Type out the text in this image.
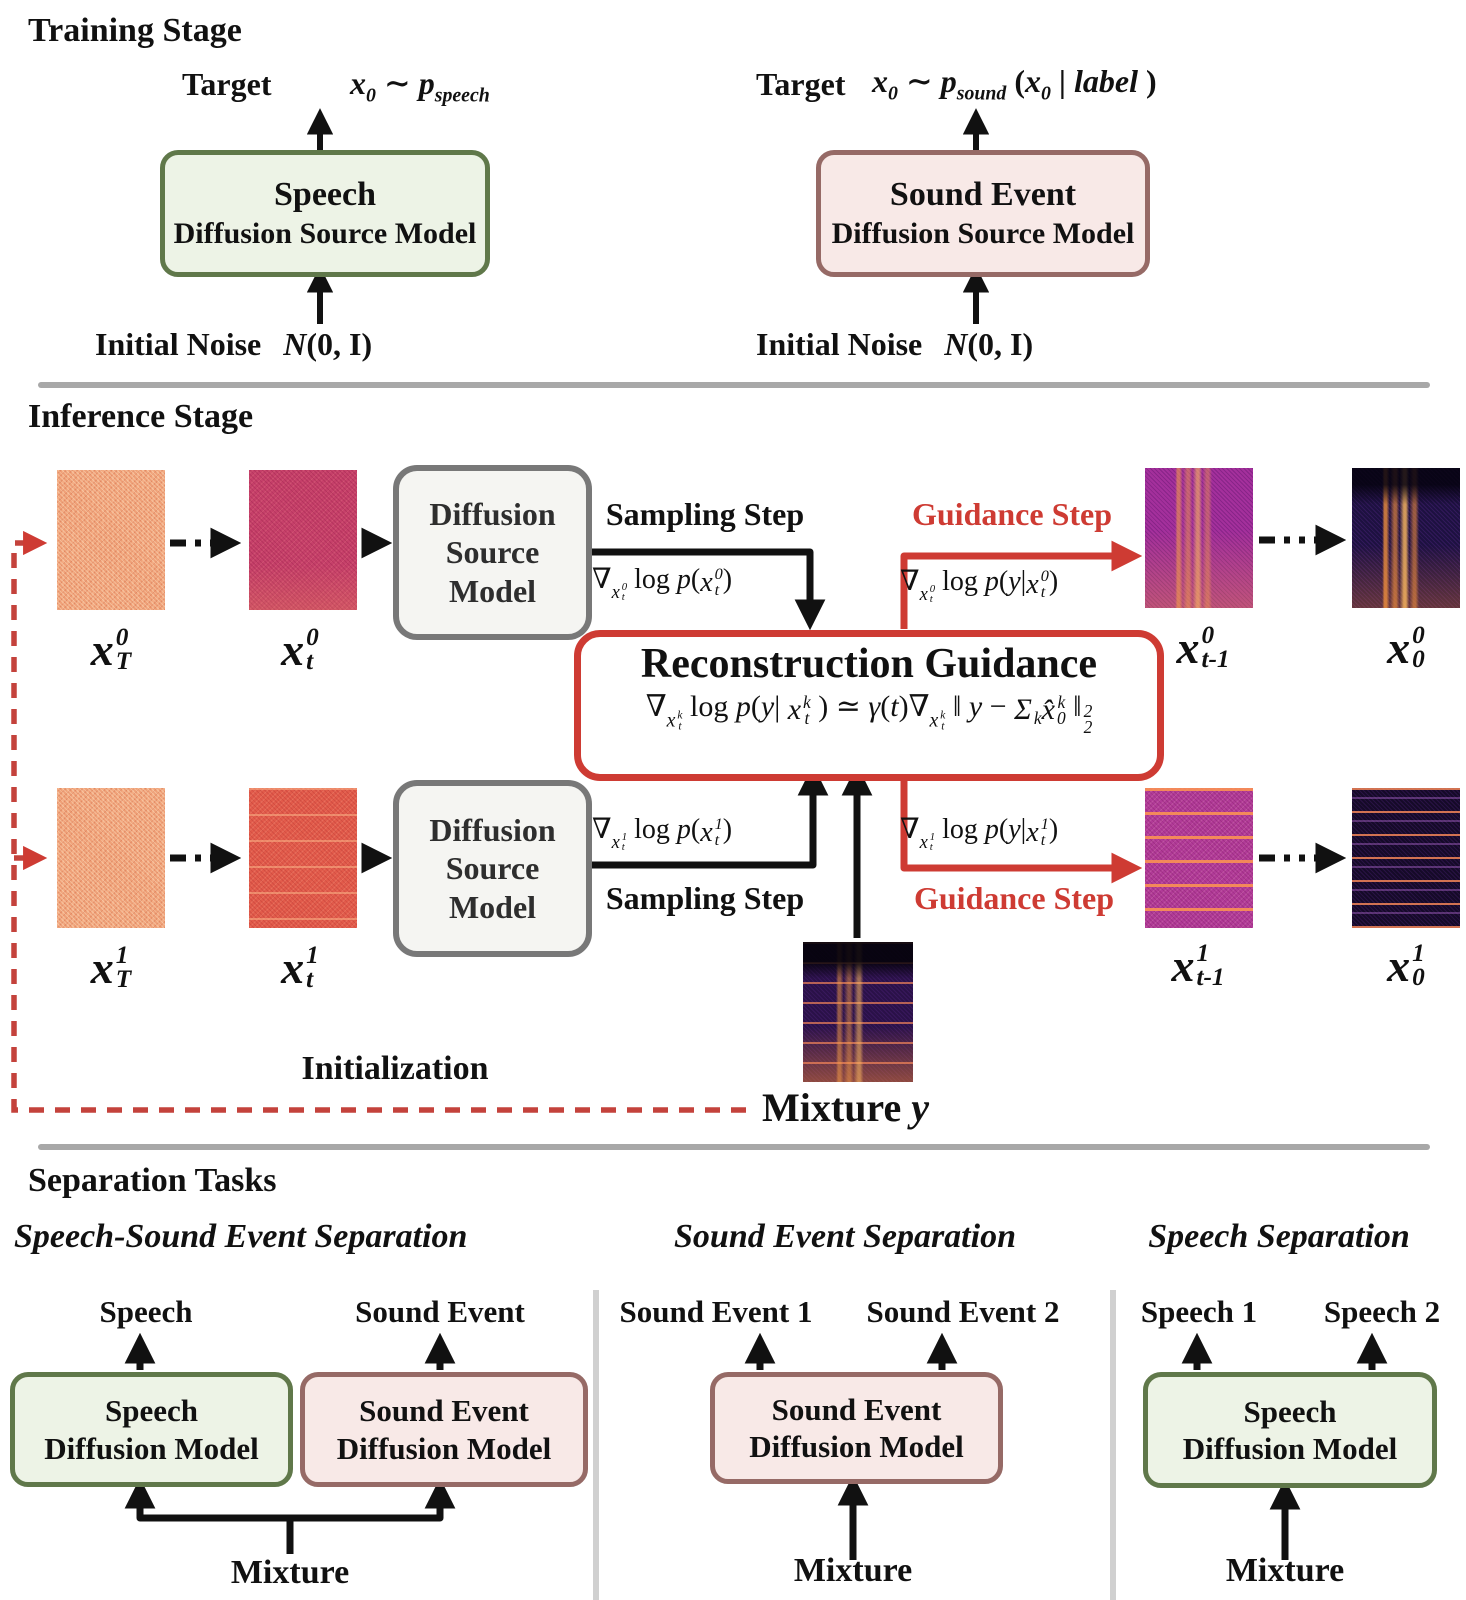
Training Stage
Target $x_0$ ∼ $p_{speech}$	Target $x_0$ ∼ $p_{sound}$ ($x_0$ | label )
Speech
Diffusion Source Model
Sound Event
Diffusion Source Model
Initial Noise N(0, I)	Initial Noise N(0, I)
Inference Stage
x 0
T	x 0
t	x 0
t-1	x 0
0
x 1
T	x 1
t	x 1
t-1	x 1
0
Diffusion
Source
Model
Diffusion
Source
Model
Sampling Step
∇ x 0
t
log p( x 0
t )
Guidance Step
∇ x 0
t
log p(y| x 0
t )
∇ x 1
t
log p( x 1
t )
Sampling Step
∇ x 1
t
log p(y| x 1
t )
Guidance Step
Reconstruction Guidance
∇ x k
t
log p(y| x k
t ) ≃ γ(t)∇ x k
t
‖ y − Σ k x̂ k
0 ‖ 2
2
Initialization
Mixture y
Separation Tasks
Speech-Sound Event Separation
Speech	Sound Event
Speech
Diffusion Model
Sound Event
Diffusion Model
Mixture
Sound Event Separation
Sound Event 1 Sound Event 2
Sound Event
Diffusion Model
Mixture
Speech Separation
Speech 1 Speech 2
Speech
Diffusion Model
Mixture
